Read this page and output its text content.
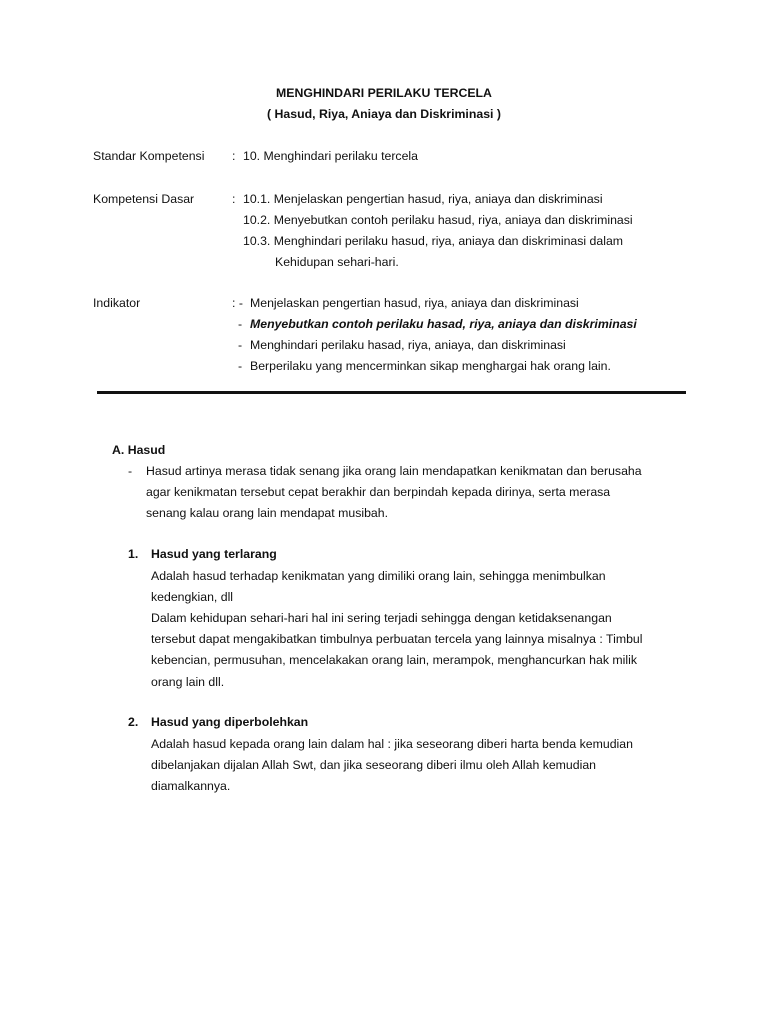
MENGHINDARI PERILAKU TERCELA
( Hasud, Riya, Aniaya dan Diskriminasi )
Standar Kompetensi : 10. Menghindari perilaku tercela
Kompetensi Dasar	: 10.1. Menjelaskan pengertian hasud, riya, aniaya dan diskriminasi
10.2. Menyebutkan contoh perilaku hasud, riya, aniaya dan diskriminasi
10.3. Menghindari perilaku hasud, riya, aniaya dan diskriminasi dalam
Kehidupan sehari-hari.
Indikator	: - Menjelaskan pengertian hasud, riya, aniaya dan diskriminasi
- Menyebutkan contoh perilaku hasad, riya, aniaya dan diskriminasi
- Menghindari perilaku hasad, riya, aniaya, dan diskriminasi
- Berperilaku yang mencerminkan sikap menghargai hak orang lain.
A. Hasud
- Hasud artinya merasa tidak senang jika orang lain mendapatkan kenikmatan dan berusaha
agar kenikmatan tersebut cepat berakhir dan berpindah kepada dirinya, serta merasa
senang kalau orang lain mendapat musibah.
1. Hasud yang terlarang
Adalah hasud terhadap kenikmatan yang dimiliki orang lain, sehingga menimbulkan
kedengkian, dll
Dalam kehidupan sehari-hari hal ini sering terjadi sehingga dengan ketidaksenangan
tersebut dapat mengakibatkan timbulnya perbuatan tercela yang lainnya misalnya : Timbul
kebencian, permusuhan, mencelakakan orang lain, merampok, menghancurkan hak milik
orang lain dll.
2. Hasud yang diperbolehkan
Adalah hasud kepada orang lain dalam hal : jika seseorang diberi harta benda kemudian
dibelanjakan dijalan Allah Swt, dan jika seseorang diberi ilmu oleh Allah kemudian
diamalkannya.
